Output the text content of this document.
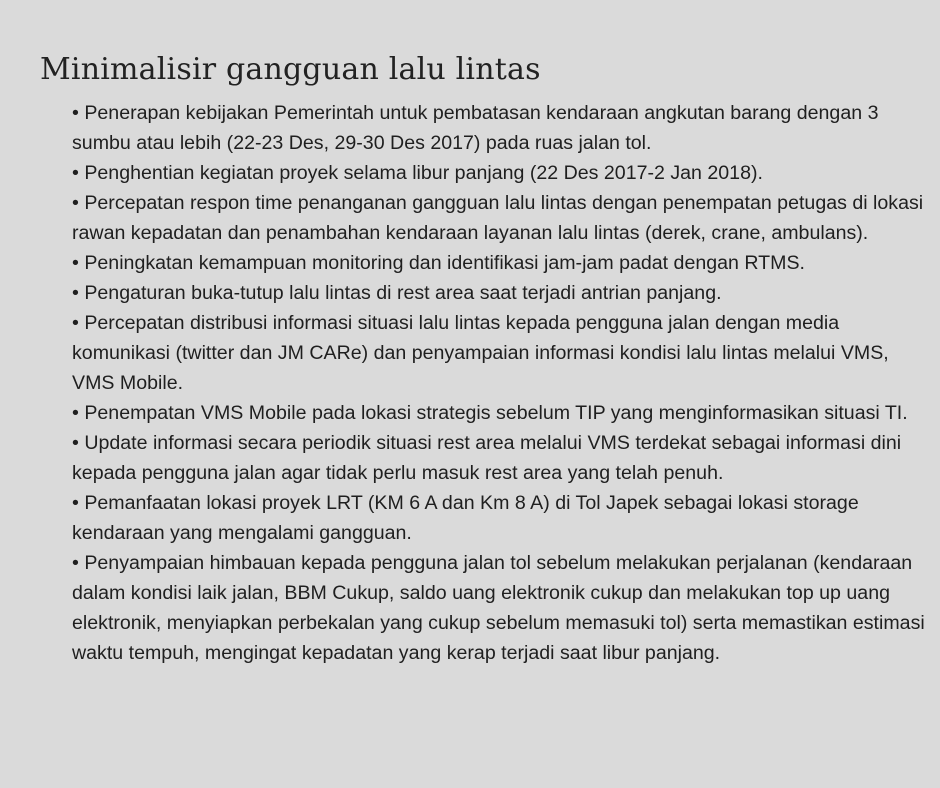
Minimalisir gangguan lalu lintas
• Penerapan kebijakan Pemerintah untuk pembatasan kendaraan angkutan barang dengan 3 sumbu atau lebih (22-23 Des, 29-30 Des 2017) pada ruas jalan tol.
• Penghentian kegiatan proyek selama libur panjang (22 Des 2017-2 Jan 2018).
• Percepatan respon time penanganan gangguan lalu lintas dengan penempatan petugas di lokasi rawan kepadatan dan penambahan kendaraan layanan lalu lintas (derek, crane, ambulans).
• Peningkatan kemampuan monitoring dan identifikasi jam-jam padat dengan RTMS.
• Pengaturan buka-tutup lalu lintas di rest area saat terjadi antrian panjang.
• Percepatan distribusi informasi situasi lalu lintas kepada pengguna jalan dengan media komunikasi (twitter dan JM CARe) dan penyampaian informasi kondisi lalu lintas melalui VMS, VMS Mobile.
• Penempatan VMS Mobile pada lokasi strategis sebelum TIP yang menginformasikan situasi TI.
• Update informasi secara periodik situasi rest area melalui VMS terdekat sebagai informasi dini kepada pengguna jalan agar tidak perlu masuk rest area yang telah penuh.
• Pemanfaatan lokasi proyek LRT (KM 6 A dan Km 8 A) di Tol Japek sebagai lokasi storage kendaraan yang mengalami gangguan.
• Penyampaian himbauan kepada pengguna jalan tol sebelum melakukan perjalanan (kendaraan dalam kondisi laik jalan, BBM Cukup, saldo uang elektronik cukup dan melakukan top up uang elektronik, menyiapkan perbekalan yang cukup sebelum memasuki tol) serta memastikan estimasi waktu tempuh, mengingat kepadatan yang kerap terjadi saat libur panjang.
